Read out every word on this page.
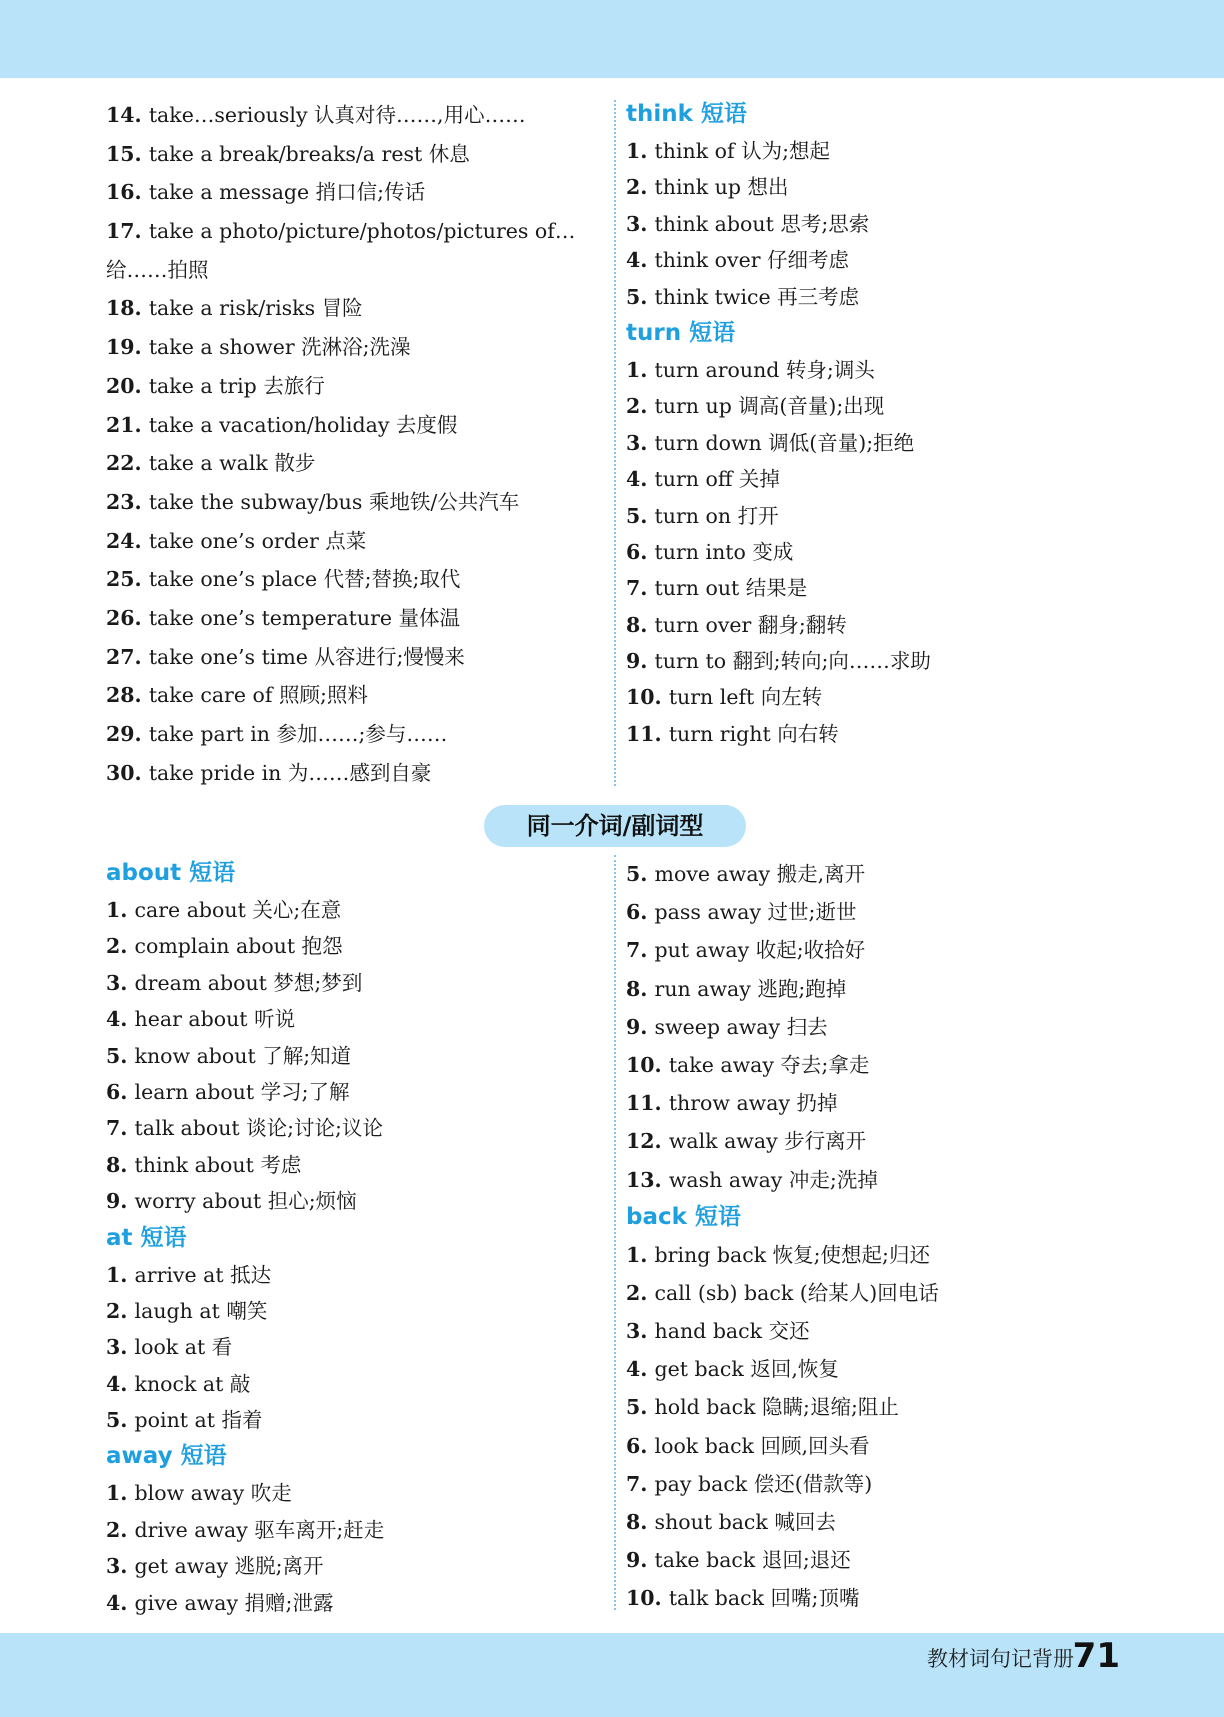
14. take…seriously 认真对待……,用心……
15. take a break/breaks/a rest 休息
16. take a message 捎口信;传话
17. take a photo/picture/photos/pictures of… 给……拍照
18. take a risk/risks 冒险
19. take a shower 洗淋浴;洗澡
20. take a trip 去旅行
21. take a vacation/holiday 去度假
22. take a walk 散步
23. take the subway/bus 乘地铁/公共汽车
24. take one’s order 点菜
25. take one’s place 代替;替换;取代
26. take one’s temperature 量体温
27. take one’s time 从容进行;慢慢来
28. take care of 照顾;照料
29. take part in 参加……;参与……
30. take pride in 为……感到自豪
think 短语
1. think of 认为;想起
2. think up 想出
3. think about 思考;思索
4. think over 仔细考虑
5. think twice 再三考虑
turn 短语
1. turn around 转身;调头
2. turn up 调高(音量);出现
3. turn down 调低(音量);拒绝
4. turn off 关掉
5. turn on 打开
6. turn into 变成
7. turn out 结果是
8. turn over 翻身;翻转
9. turn to 翻到;转向;向……求助
10. turn left 向左转
11. turn right 向右转
同一介词/副词型
about 短语
1. care about 关心;在意
2. complain about 抱怨
3. dream about 梦想;梦到
4. hear about 听说
5. know about 了解;知道
6. learn about 学习;了解
7. talk about 谈论;讨论;议论
8. think about 考虑
9. worry about 担心;烦恼
at 短语
1. arrive at 抵达
2. laugh at 嘲笑
3. look at 看
4. knock at 敲
5. point at 指着
away 短语
1. blow away 吹走
2. drive away 驱车离开;赶走
3. get away 逃脱;离开
4. give away 捐赠;泄露
5. move away 搬走,离开
6. pass away 过世;逝世
7. put away 收起;收拾好
8. run away 逃跑;跑掉
9. sweep away 扫去
10. take away 夺去;拿走
11. throw away 扔掉
12. walk away 步行离开
13. wash away 冲走;洗掉
back 短语
1. bring back 恢复;使想起;归还
2. call (sb) back (给某人)回电话
3. hand back 交还
4. get back 返回,恢复
5. hold back 隐瞒;退缩;阻止
6. look back 回顾,回头看
7. pay back 偿还(借款等)
8. shout back 喊回去
9. take back 退回;退还
10. talk back 回嘴;顶嘴
教材词句记背册
71
